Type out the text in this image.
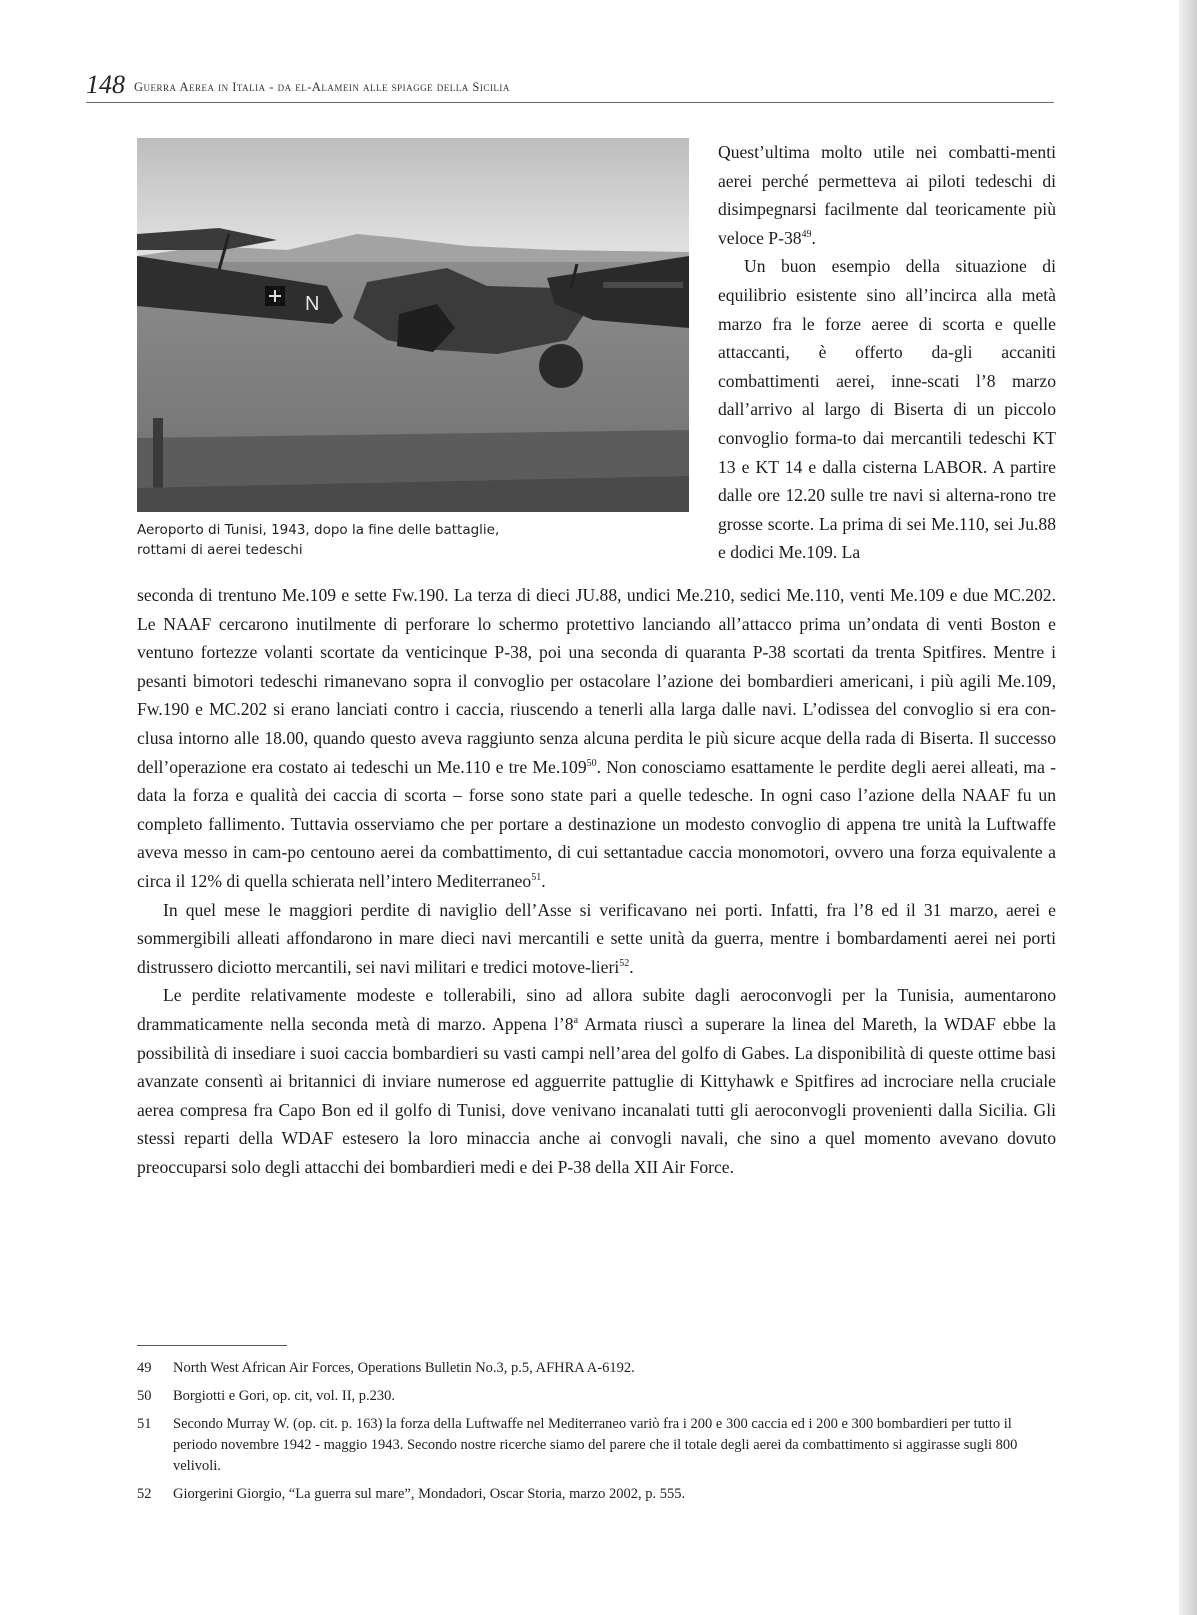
148 Guerra Aerea in Italia - da el-Alamein alle spiagge della Sicilia
N
Aeroporto di Tunisi, 1943, dopo la fine delle battaglie,
rottami di aerei tedeschi

Quest’ultima molto utile nei combatti-menti aerei perché permetteva ai piloti tedeschi di disimpegnarsi facilmente dal teoricamente più veloce $P-38^{49}$.

Un buon esempio della situazione di equilibrio esistente sino all’incirca alla metà marzo fra le forze aeree di scorta e quelle attaccanti, è offerto da-gli accaniti combattimenti aerei, inne-scati l’8 marzo dall’arrivo al largo di Biserta di un piccolo convoglio forma-to dai mercantili tedeschi KT 13 e KT 14 e dalla cisterna LABOR. A partire dalle ore 12.20 sulle tre navi si alterna-rono tre grosse scorte. La prima di sei Me.110, sei Ju.88 e dodici Me.109. La

seconda di trentuno Me.109 e sette Fw.190. La terza di dieci JU.88, undici Me.210, sedici Me.110, venti Me.109 e due MC.202. Le NAAF cercarono inutilmente di perforare lo schermo protettivo lanciando all’attacco prima un’ondata di venti Boston e ventuno fortezze volanti scortate da venticinque P-38, poi una seconda di quaranta P-38 scortati da trenta Spitfires. Mentre i pesanti bimotori tedeschi rimanevano sopra il convoglio per ostacolare l’azione dei bombardieri americani, i più agili Me.109, Fw.190 e MC.202 si erano lanciati contro i caccia, riuscendo a tenerli alla larga dalle navi. L’odissea del convoglio si era con-clusa intorno alle 18.00, quando questo aveva raggiunto senza alcuna perdita le più sicure acque della rada di Biserta. Il successo dell’operazione era costato ai tedeschi un Me.110 e tre Me.109$^{50}$. Non conosciamo esattamente le perdite degli aerei alleati, ma - data la forza e qualità dei caccia di scorta – forse sono state pari a quelle tedesche. In ogni caso l’azione della NAAF fu un completo fallimento. Tuttavia osserviamo che per portare a destinazione un modesto convoglio di appena tre unità la Luftwaffe aveva messo in cam-po centouno aerei da combattimento, di cui settantadue caccia monomotori, ovvero una forza equivalente a circa il 12% di quella schierata nell’intero Mediterraneo$^{51}$.

In quel mese le maggiori perdite di naviglio dell’Asse si verificavano nei porti. Infatti, fra l’8 ed il 31 marzo, aerei e sommergibili alleati affondarono in mare dieci navi mercantili e sette unità da guerra, mentre i bombardamenti aerei nei porti distrussero diciotto mercantili, sei navi militari e tredici motove-lieri$^{52}$.

Le perdite relativamente modeste e tollerabili, sino ad allora subite dagli aeroconvogli per la Tunisia, aumentarono drammaticamente nella seconda metà di marzo. Appena l’8$^a$ Armata riuscì a superare la linea del Mareth, la WDAF ebbe la possibilità di insediare i suoi caccia bombardieri su vasti campi nell’area del golfo di Gabes. La disponibilità di queste ottime basi avanzate consentì ai britannici di inviare numerose ed agguerrite pattuglie di Kittyhawk e Spitfires ad incrociare nella cruciale aerea compresa fra Capo Bon ed il golfo di Tunisi, dove venivano incanalati tutti gli aeroconvogli provenienti dalla Sicilia. Gli stessi reparti della WDAF estesero la loro minaccia anche ai convogli navali, che sino a quel momento avevano dovuto preoccuparsi solo degli attacchi dei bombardieri medi e dei P-38 della XII Air Force.

49	North West African Air Forces, Operations Bulletin No.3, p.5, AFHRA A-6192.
50	Borgiotti e Gori, op. cit, vol. II, p.230.
51	Secondo Murray W. (op. cit. p. 163) la forza della Luftwaffe nel Mediterraneo variò fra i 200 e 300 caccia ed i 200 e 300 bombardieri per tutto il periodo novembre 1942 - maggio 1943. Secondo nostre ricerche siamo del parere che il totale degli aerei da combattimento si aggirasse sugli 800 velivoli.
52	Giorgerini Giorgio, “La guerra sul mare”, Mondadori, Oscar Storia, marzo 2002, p. 555.
